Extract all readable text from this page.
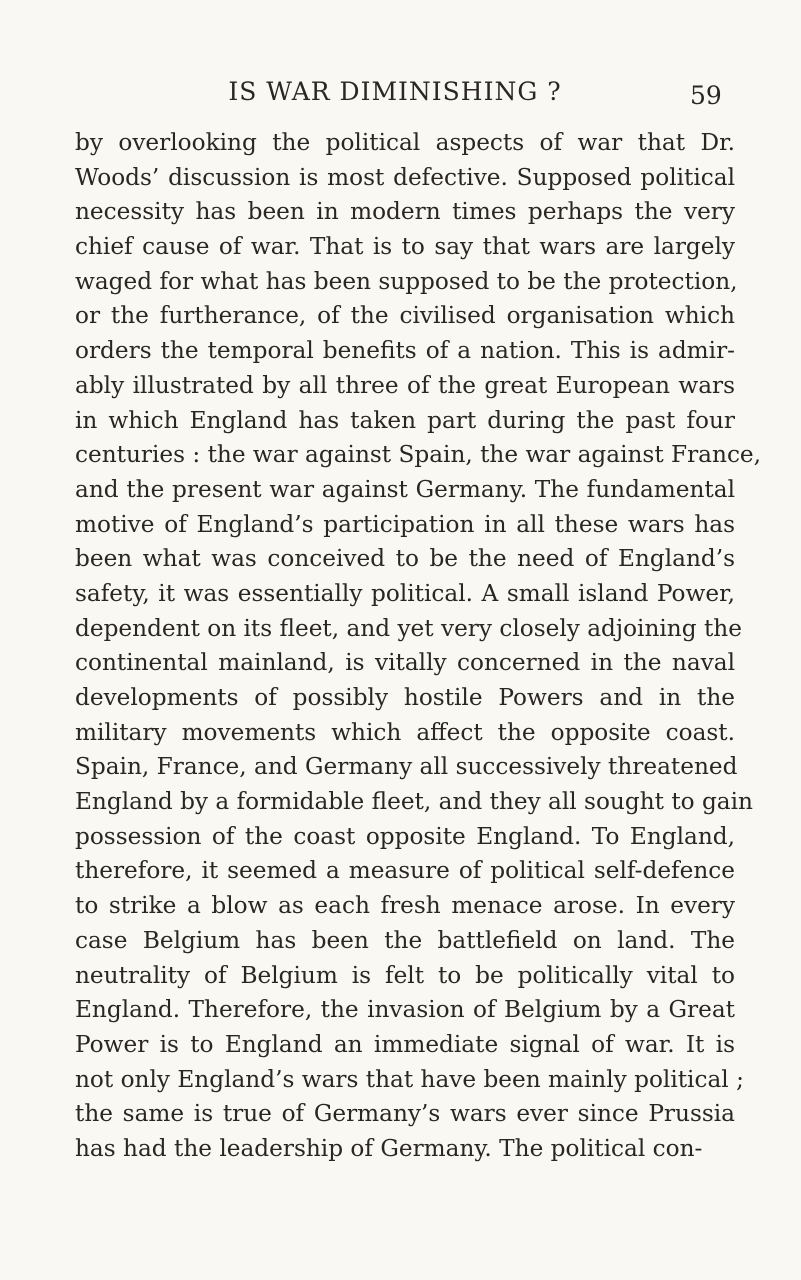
IS WAR DIMINISHING ?	59
by overlooking the political aspects of war that Dr.
Woods’ discussion is most defective. Supposed political
necessity has been in modern times perhaps the very
chief cause of war. That is to say that wars are largely
waged for what has been supposed to be the protection,
or the furtherance, of the civilised organisation which
orders the temporal benefits of a nation. This is admir-
ably illustrated by all three of the great European wars
in which England has taken part during the past four
centuries : the war against Spain, the war against France,
and the present war against Germany. The fundamental
motive of England’s participation in all these wars has
been what was conceived to be the need of England’s
safety, it was essentially political. A small island Power,
dependent on its fleet, and yet very closely adjoining the
continental mainland, is vitally concerned in the naval
developments of possibly hostile Powers and in the
military movements which affect the opposite coast.
Spain, France, and Germany all successively threatened
England by a formidable fleet, and they all sought to gain
possession of the coast opposite England. To England,
therefore, it seemed a measure of political self-defence
to strike a blow as each fresh menace arose. In every
case Belgium has been the battlefield on land. The
neutrality of Belgium is felt to be politically vital to
England. Therefore, the invasion of Belgium by a Great
Power is to England an immediate signal of war. It is
not only England’s wars that have been mainly political ;
the same is true of Germany’s wars ever since Prussia
has had the leadership of Germany. The political con-
